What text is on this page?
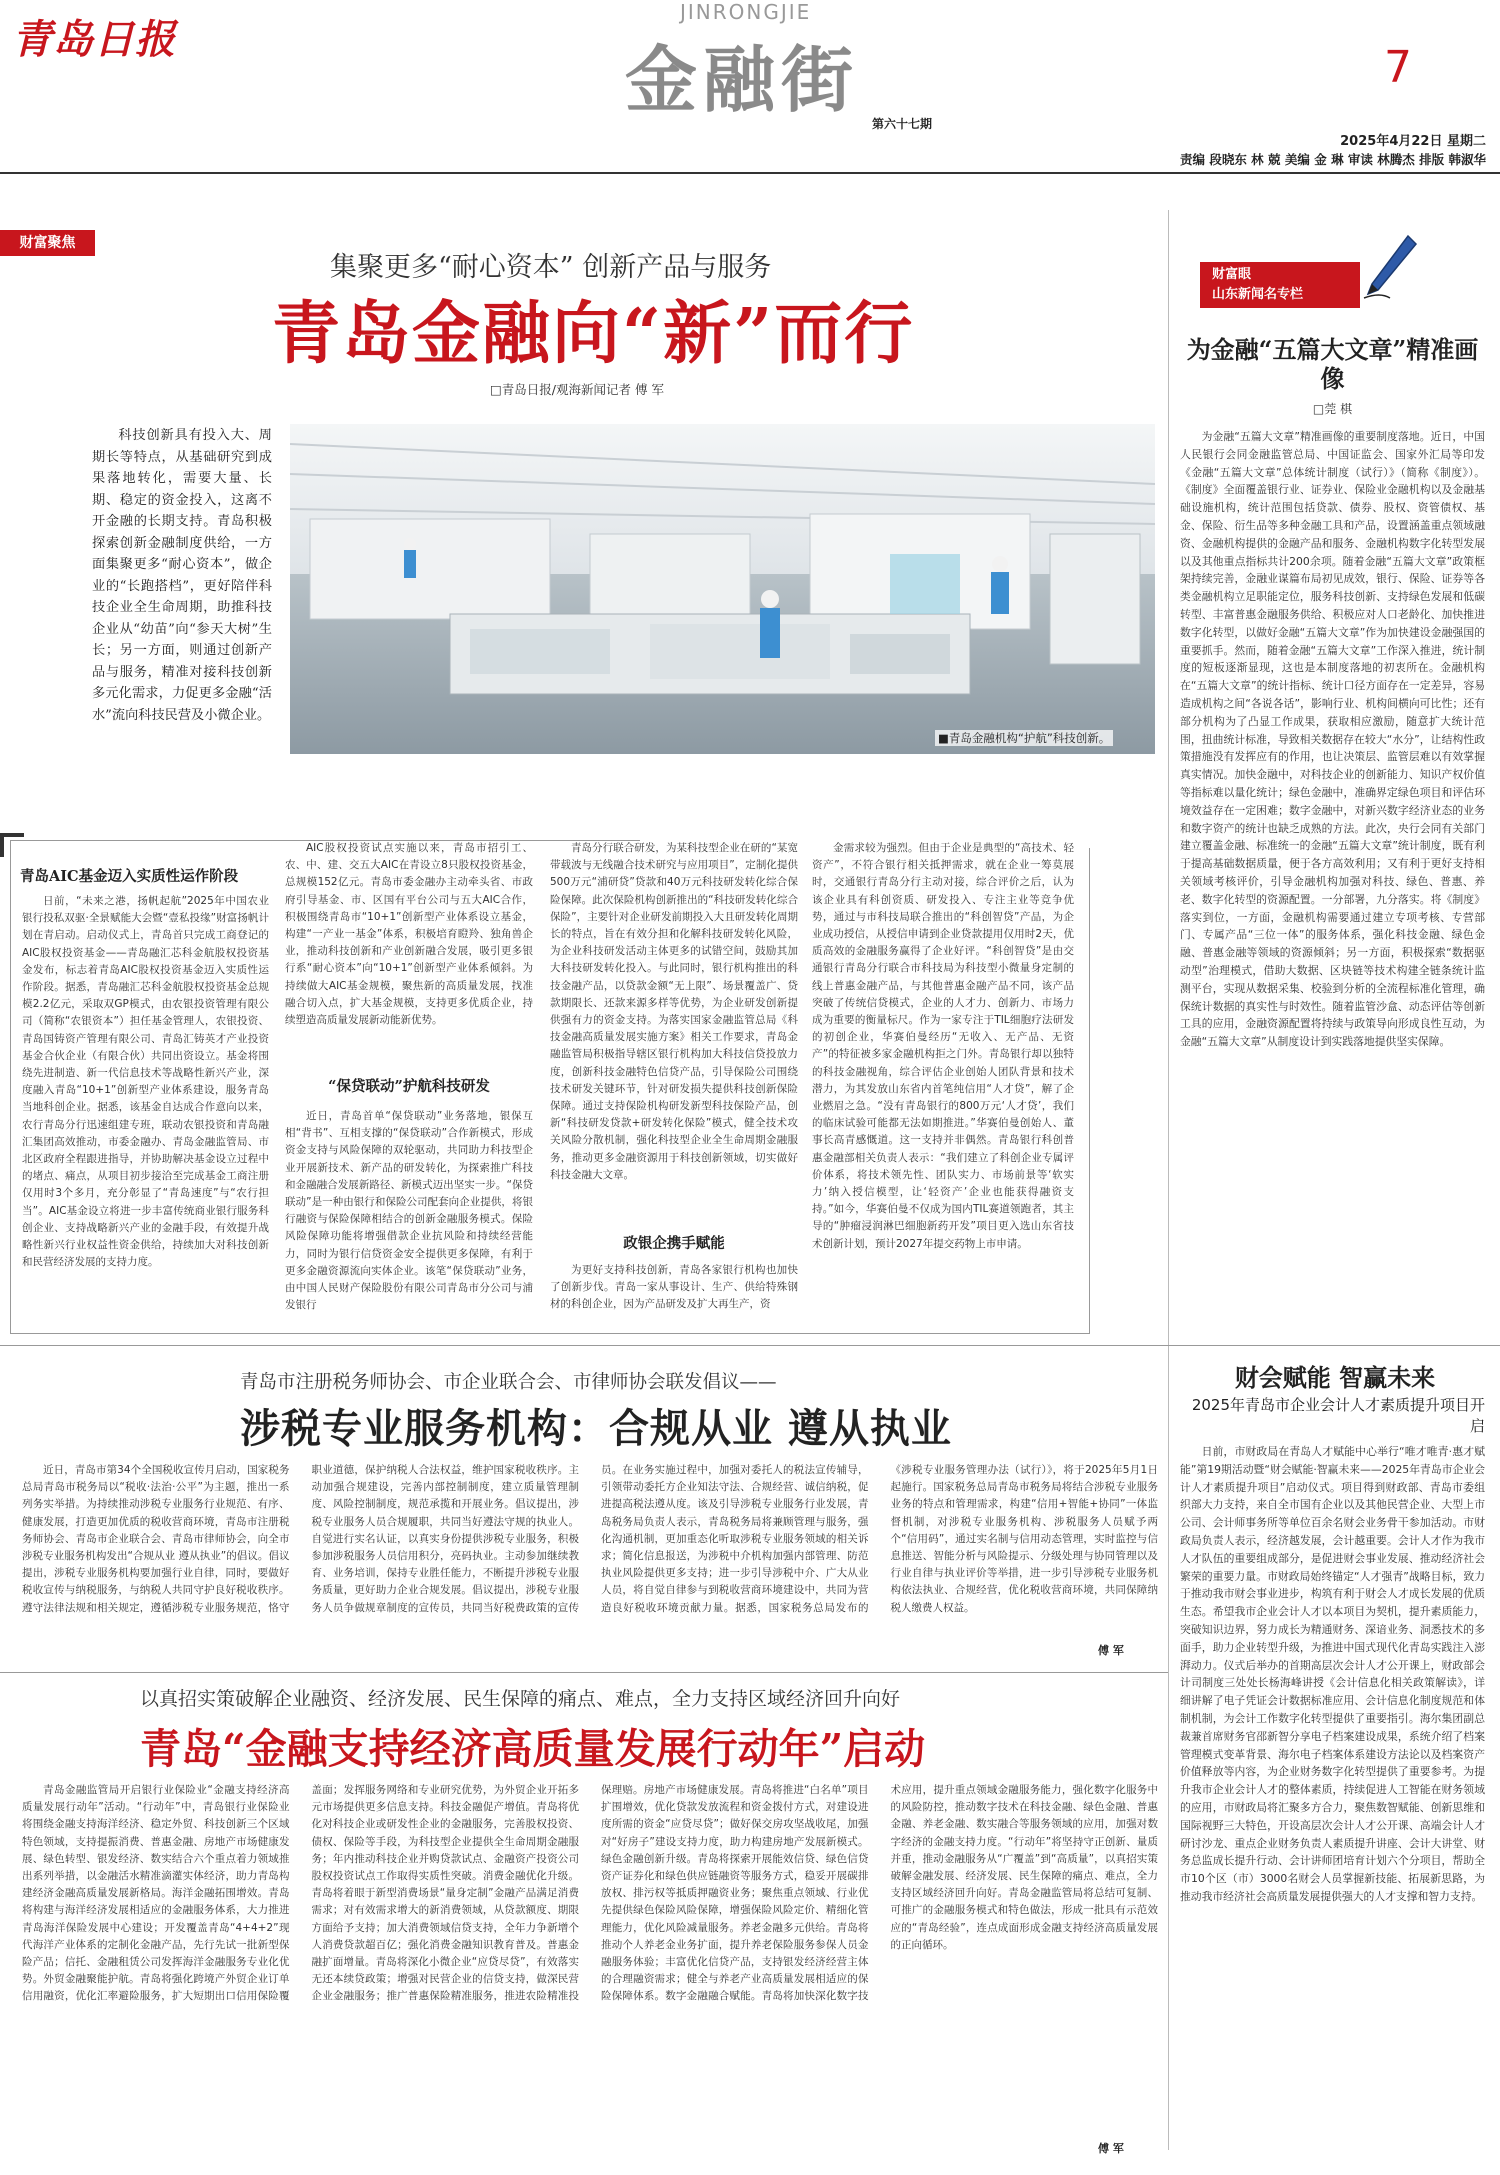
青岛日报
JINRONGJIE
金融街
第六十七期
7
2025年4月22日 星期二
责编 段晓东 林 兢 美编 金 琳 审读 林腾杰 排版 韩淑华
财富聚焦
集聚更多“耐心资本” 创新产品与服务
青岛金融向“新”而行
□青岛日报/观海新闻记者 傅 军

科技创新具有投入大、周期长等特点，从基础研究到成果落地转化，需要大量、长期、稳定的资金投入，这离不开金融的长期支持。青岛积极探索创新金融制度供给，一方面集聚更多“耐心资本”，做企业的“长跑搭档”，更好陪伴科技企业全生命周期，助推科技企业从“幼苗”向“参天大树”生长；另一方面，则通过创新产品与服务，精准对接科技创新多元化需求，力促更多金融“活水”流向科技民营及小微企业。

■青岛金融机构“护航”科技创新。
青岛AIC基金迈入实质性运作阶段

日前，“未来之港，扬帆起航”2025年中国农业银行投私双驱·全景赋能大会暨“壹私投缘”财富扬帆计划在青启动。启动仪式上，青岛首只完成工商登记的AIC股权投资基金——青岛融汇芯科金航股权投资基金发布，标志着青岛AIC股权投资基金迈入实质性运作阶段。据悉，青岛融汇芯科金航股权投资基金总规模2.2亿元，采取双GP模式，由农银投资管理有限公司（简称“农银资本”）担任基金管理人，农银投资、青岛国铸资产管理有限公司、青岛汇铸英才产业投资基金合伙企业（有限合伙）共同出资设立。基金将围绕先进制造、新一代信息技术等战略性新兴产业，深度融入青岛“10+1”创新型产业体系建设，服务青岛当地科创企业。据悉，该基金自达成合作意向以来，农行青岛分行迅速组建专班，联动农银投资和青岛融汇集团高效推动，市委金融办、青岛金融监管局、市北区政府全程跟进指导，并协助解决基金设立过程中的堵点、痛点，从项目初步接洽至完成基金工商注册仅用时3个多月，充分彰显了“青岛速度”与“农行担当”。AIC基金设立将进一步丰富传统商业银行服务科创企业、支持战略新兴产业的金融手段，有效提升战略性新兴行业权益性资金供给，持续加大对科技创新和民营经济发展的支持力度。

AIC股权投资试点实施以来，青岛市招引工、农、中、建、交五大AIC在青设立8只股权投资基金，总规模152亿元。青岛市委金融办主动牵头省、市政府引导基金、市、区国有平台公司与五大AIC合作，积极围绕青岛市“10+1”创新型产业体系设立基金，构建“一产业一基金”体系，积极培育瞪羚、独角兽企业，推动科技创新和产业创新融合发展，吸引更多银行系“耐心资本”向“10+1”创新型产业体系倾斜。为持续做大AIC基金规模，聚焦新的高质量发展，找准融合切入点，扩大基金规模，支持更多优质企业，持续塑造高质量发展新动能新优势。

“保贷联动”护航科技研发

近日，青岛首单“保贷联动”业务落地，银保互相“背书”、互相支撑的“保贷联动”合作新模式，形成资金支持与风险保障的双轮驱动，共同助力科技型企业开展新技术、新产品的研发转化，为探索推广科技和金融融合发展新路径、新模式迈出坚实一步。“保贷联动”是一种由银行和保险公司配套向企业提供，将银行融资与保险保障相结合的创新金融服务模式。保险风险保障功能将增强借款企业抗风险和持续经营能力，同时为银行信贷资金安全提供更多保障，有利于更多金融资源流向实体企业。该笔“保贷联动”业务，由中国人民财产保险股份有限公司青岛市分公司与浦发银行

青岛分行联合研发，为某科技型企业在研的“某宽带载波与无线融合技术研究与应用项目”，定制化提供500万元“浦研贷”贷款和40万元科技研发转化综合保险保障。此次保险机构创新推出的“科技研发转化综合保险”，主要针对企业研发前期投入大且研发转化周期长的特点，旨在有效分担和化解科技研发转化风险，为企业科技研发活动主体更多的试错空间，鼓励其加大科技研发转化投入。与此同时，银行机构推出的科技金融产品，以贷款金额“无上限”、场景覆盖广、贷款期限长、还款来源多样等优势，为企业研发创新提供强有力的资金支持。为落实国家金融监管总局《科技金融高质量发展实施方案》相关工作要求，青岛金融监管局积极指导辖区银行机构加大科技信贷投放力度，创新科技金融特色信贷产品，引导保险公司围绕技术研发关键环节，针对研发损失提供科技创新保险保障。通过支持保险机构研发新型科技保险产品，创新“科技研发贷款+研发转化保险”模式，健全技术攻关风险分散机制，强化科技型企业全生命周期金融服务，推动更多金融资源用于科技创新领域，切实做好科技金融大文章。

政银企携手赋能

为更好支持科技创新，青岛各家银行机构也加快了创新步伐。青岛一家从事设计、生产、供给特殊钢材的科创企业，因为产品研发及扩大再生产，资

金需求较为强烈。但由于企业是典型的“高技术、轻资产”，不符合银行相关抵押需求，就在企业一筹莫展时，交通银行青岛分行主动对接，综合评价之后，认为该企业具有科创资质、研发投入、专注主业等竞争优势，通过与市科技局联合推出的“科创智贷”产品，为企业成功授信，从授信申请到企业贷款提用仅用时2天，优质高效的金融服务赢得了企业好评。“科创智贷”是由交通银行青岛分行联合市科技局为科技型小微量身定制的线上普惠金融产品，与其他普惠金融产品不同，该产品突破了传统信贷模式，企业的人才力、创新力、市场力成为重要的衡量标尺。作为一家专注于TIL细胞疗法研发的初创企业，华赛伯曼经历“无收入、无产品、无资产”的特征被多家金融机构拒之门外。青岛银行却以独特的科技金融视角，综合评估企业创始人团队背景和技术潜力，为其发放山东省内首笔纯信用“人才贷”，解了企业燃眉之急。“没有青岛银行的800万元‘人才贷’，我们的临床试验可能都无法如期推进。”华赛伯曼创始人、董事长高青感慨道。这一支持并非偶然。青岛银行科创普惠金融部相关负责人表示：“我们建立了科创企业专属评价体系，将技术领先性、团队实力、市场前景等‘软实力’纳入授信模型，让‘轻资产’企业也能获得融资支持。”如今，华赛伯曼不仅成为国内TIL赛道领跑者，其主导的“肿瘤浸润淋巴细胞新药开发”项目更入选山东省技术创新计划，预计2027年提交药物上市申请。

财富眼
山东新闻名专栏
为金融“五篇大文章”精准画像
□莞 棋

为金融“五篇大文章”精准画像的重要制度落地。近日，中国人民银行会同金融监管总局、中国证监会、国家外汇局等印发《金融“五篇大文章”总体统计制度（试行）》（简称《制度》）。《制度》全面覆盖银行业、证券业、保险业金融机构以及金融基础设施机构，统计范围包括贷款、债券、股权、资管债权、基金、保险、衍生品等多种金融工具和产品，设置涵盖重点领域融资、金融机构提供的金融产品和服务、金融机构数字化转型发展以及其他重点指标共计200余项。随着金融“五篇大文章”政策框架持续完善，金融业谋篇布局初见成效，银行、保险、证券等各类金融机构立足职能定位，服务科技创新、支持绿色发展和低碳转型、丰富普惠金融服务供给、积极应对人口老龄化、加快推进数字化转型，以做好金融“五篇大文章”作为加快建设金融强国的重要抓手。然而，随着金融“五篇大文章”工作深入推进，统计制度的短板逐渐显现，这也是本制度落地的初衷所在。金融机构在“五篇大文章”的统计指标、统计口径方面存在一定差异，容易造成机构之间“各说各话”，影响行业、机构间横向可比性；还有部分机构为了凸显工作成果，获取相应激励，随意扩大统计范围，扭曲统计标准，导致相关数据存在较大“水分”，让结构性政策措施没有发挥应有的作用，也让决策层、监管层难以有效掌握真实情况。加快金融中，对科技企业的创新能力、知识产权价值等指标难以量化统计；绿色金融中，准确界定绿色项目和评估环境效益存在一定困难；数字金融中，对新兴数字经济业态的业务和数字资产的统计也缺乏成熟的方法。此次，央行会同有关部门建立覆盖金融、标准统一的金融“五篇大文章”统计制度，既有利于提高基础数据质量，便于各方高效利用；又有利于更好支持相关领域考核评价，引导金融机构加强对科技、绿色、普惠、养老、数字化转型的资源配置。一分部署，九分落实。将《制度》落实到位，一方面，金融机构需要通过建立专项考核、专营部门、专属产品“三位一体”的服务体系，强化科技金融、绿色金融、普惠金融等领域的资源倾斜；另一方面，积极探索“数据驱动型”治理模式，借助大数据、区块链等技术构建全链条统计监测平台，实现从数据采集、校验到分析的全流程标准化管理，确保统计数据的真实性与时效性。随着监管沙盒、动态评估等创新工具的应用，金融资源配置将持续与政策导向形成良性互动，为金融“五篇大文章”从制度设计到实践落地提供坚实保障。

财会赋能 智赢未来
2025年青岛市企业会计人才素质提升项目开启

日前，市财政局在青岛人才赋能中心举行“唯才唯青·惠才赋能”第19期活动暨“财会赋能·智赢未来——2025年青岛市企业会计人才素质提升项目”启动仪式。项目得到财政部、青岛市委组织部大力支持，来自全市国有企业以及其他民营企业、大型上市公司、会计师事务所等单位百余名财会业务骨干参加活动。市财政局负责人表示，经济越发展，会计越重要。会计人才作为我市人才队伍的重要组成部分，是促进财会事业发展、推动经济社会繁荣的重要力量。市财政局始终锚定“人才强青”战略目标，致力于推动我市财会事业进步，构筑有利于财会人才成长发展的优质生态。希望我市企业会计人才以本项目为契机，提升素质能力，突破知识边界，努力成长为精通财务、深谙业务、洞悉技术的多面手，助力企业转型升级，为推进中国式现代化青岛实践注入澎湃动力。仪式后举办的首期高层次会计人才公开课上，财政部会计司制度三处处长杨海峰讲授《会计信息化相关政策解读》，详细讲解了电子凭证会计数据标准应用、会计信息化制度规范和体制机制，为会计工作数字化转型提供了重要指引。海尔集团副总裁兼首席财务官邵新智分享电子档案建设成果，系统介绍了档案管理模式变革背景、海尔电子档案体系建设方法论以及档案资产价值释放等内容，为企业财务数字化转型提供了重要参考。为提升我市企业会计人才的整体素质，持续促进人工智能在财务领域的应用，市财政局将汇聚多方合力，聚焦数智赋能、创新思维和国际视野三大特色，开设高层次会计人才公开课、高端会计人才研讨沙龙、重点企业财务负责人素质提升讲座、会计大讲堂、财务总监成长提升行动、会计讲师团培育计划六个分项目，帮助全市10个区（市）3000名财会人员掌握新技能、拓展新思路，为推动我市经济社会高质量发展提供强大的人才支撑和智力支持。

青岛市注册税务师协会、市企业联合会、市律师协会联发倡议——
涉税专业服务机构：合规从业 遵从执业

近日，青岛市第34个全国税收宣传月启动，国家税务总局青岛市税务局以“税收·法治·公平”为主题，推出一系列务实举措。为持续推动涉税专业服务行业规范、有序、健康发展，打造更加优质的税收营商环境，青岛市注册税务师协会、青岛市企业联合会、青岛市律师协会，向全市涉税专业服务机构发出“合规从业 遵从执业”的倡议。倡议提出，涉税专业服务机构要加强行业自律，同时，要做好税收宣传与纳税服务，与纳税人共同守护良好税收秩序。遵守法律法规和相关规定，遵循涉税专业服务规范，恪守职业道德，保护纳税人合法权益，维护国家税收秩序。主动加强合规建设，完善内部控制制度，建立质量管理制度、风险控制制度，规范承揽和开展业务。倡议提出，涉税专业服务人员合规履职，共同当好遵法守规的执业人。自觉进行实名认证，以真实身份提供涉税专业服务，积极参加涉税服务人员信用积分，亮码执业。主动参加继续教育、业务培训，保持专业胜任能力，不断提升涉税专业服务质量，更好助力企业合规发展。倡议提出，涉税专业服务人员争做规章制度的宣传员，共同当好税费政策的宣传员。在业务实施过程中，加强对委托人的税法宣传辅导，引领带动委托方企业知法守法、合规经营、诚信纳税，促进提高税法遵从度。该及引导涉税专业服务行业发展，青岛税务局负责人表示，青岛税务局将兼顾管理与服务，强化沟通机制，更加重态化听取涉税专业服务领域的相关诉求；简化信息报送，为涉税中介机构加强内部管理、防范执业风险提供更多支持；进一步引导涉税中介、广大从业人员，将自觉自律参与到税收营商环境建设中，共同为营造良好税收环境贡献力量。据悉，国家税务总局发布的《涉税专业服务管理办法（试行）》，将于2025年5月1日起施行。国家税务总局青岛市税务局将结合涉税专业服务业务的特点和管理需求，构建“信用+智能+协同”一体监督机制，对涉税专业服务机构、涉税服务人员赋予两个“信用码”，通过实名制与信用动态管理，实时监控与信息推送、智能分析与风险提示、分级处理与协同管理以及行业自律与执业评价等举措，进一步引导涉税专业服务机构依法执业、合规经营，优化税收营商环境，共同保障纳税人缴费人权益。

傅 军
以真招实策破解企业融资、经济发展、民生保障的痛点、难点，全力支持区域经济回升向好
青岛“金融支持经济高质量发展行动年”启动

青岛金融监管局开启银行业保险业“金融支持经济高质量发展行动年”活动。“行动年”中，青岛银行业保险业将围绕金融支持海洋经济、稳定外贸、科技创新三个区域特色领域，支持提振消费、普惠金融、房地产市场健康发展、绿色转型、银发经济、数实结合六个重点着力领域推出系列举措，以金融活水精准滴灌实体经济，助力青岛构建经济金融高质量发展新格局。海洋金融拓围增效。青岛将构建与海洋经济发展相适应的金融服务体系，大力推进青岛海洋保险发展中心建设；开发覆盖青岛“4+4+2”现代海洋产业体系的定制化金融产品，先行先试一批新型保险产品；信托、金融租赁公司发挥海洋金融服务专业化优势。外贸金融聚能护航。青岛将强化跨境产外贸企业订单信用融资，优化汇率避险服务，扩大短期出口信用保险覆盖面；发挥服务网络和专业研究优势，为外贸企业开拓多元市场提供更多信息支持。科技金融促产增值。青岛将优化对科技企业或研发性企业的金融服务，完善股权投资、债权、保险等手段，为科技型企业提供全生命周期金融服务；年内推动科技企业并购贷款试点、金融资产投资公司股权投资试点工作取得实质性突破。消费金融优化升级。青岛将着眼于新型消费场景“量身定制”金融产品满足消费需求；对有效需求增大的新消费领域，从贷款额度、期限方面给予支持；加大消费领域信贷支持，全年力争新增个人消费贷款超百亿；强化消费金融知识教育普及。普惠金融扩面增量。青岛将深化小微企业“应贷尽贷”，有效落实无还本续贷政策；增强对民营企业的信贷支持，做深民营企业金融服务；推广普惠保险精准服务，推进农险精准投保理赔。房地产市场健康发展。青岛将推进“白名单”项目扩围增效，优化贷款发放流程和资金拨付方式，对建设进度所需的资金“应贷尽贷”；做好保交房攻坚战收尾，加强对“好房子”建设支持力度，助力构建房地产发展新模式。绿色金融创新升级。青岛将探索开展能效信贷、绿色信贷资产证券化和绿色供应链融资等服务方式，稳妥开展碳排放权、排污权等抵质押融资业务；聚焦重点领域、行业优先提供绿色保险风险保障，增强保险风险定价、精细化管理能力，优化风险减量服务。养老金融多元供给。青岛将推动个人养老金业务扩面，提升养老保险服务参保人员金融服务体验；丰富优化信贷产品，支持银发经济经营主体的合理融资需求；健全与养老产业高质量发展相适应的保险保障体系。数字金融融合赋能。青岛将加快深化数字技术应用，提升重点领域金融服务能力，强化数字化服务中的风险防控，推动数字技术在科技金融、绿色金融、普惠金融、养老金融、数实融合等服务领域的应用，加强对数字经济的金融支持力度。“行动年”将坚持守正创新、量质并重，推动金融服务从“广覆盖”到“高质量”，以真招实策破解金融发展、经济发展、民生保障的痛点、难点，全力支持区域经济回升向好。青岛金融监管局将总结可复制、可推广的金融服务模式和特色做法，形成一批具有示范效应的“青岛经验”，连点成面形成金融支持经济高质量发展的正向循环。

傅 军
